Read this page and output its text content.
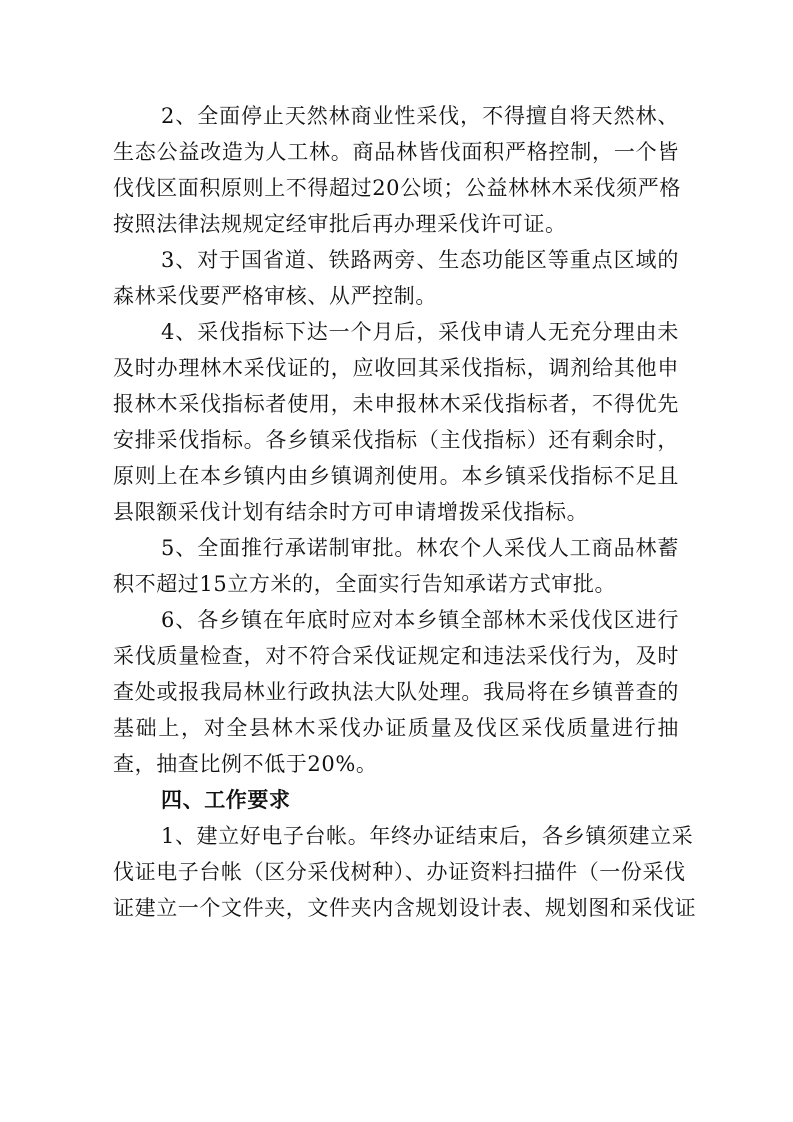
2、全面停止天然林商业性采伐，不得擅自将天然林、
生态公益改造为人工林。商品林皆伐面积严格控制，一个皆
伐伐区面积原则上不得超过20公顷；公益林林木采伐须严格
按照法律法规规定经审批后再办理采伐许可证。

3、对于国省道、铁路两旁、生态功能区等重点区域的
森林采伐要严格审核、从严控制。

4、采伐指标下达一个月后，采伐申请人无充分理由未
及时办理林木采伐证的，应收回其采伐指标，调剂给其他申
报林木采伐指标者使用，未申报林木采伐指标者，不得优先
安排采伐指标。各乡镇采伐指标（主伐指标）还有剩余时，
原则上在本乡镇内由乡镇调剂使用。本乡镇采伐指标不足且
县限额采伐计划有结余时方可申请增拨采伐指标。

5、全面推行承诺制审批。林农个人采伐人工商品林蓄
积不超过15立方米的，全面实行告知承诺方式审批。

6、各乡镇在年底时应对本乡镇全部林木采伐伐区进行
采伐质量检查，对不符合采伐证规定和违法采伐行为，及时
查处或报我局林业行政执法大队处理。我局将在乡镇普查的
基础上，对全县林木采伐办证质量及伐区采伐质量进行抽
查，抽查比例不低于20%。

四、工作要求

1、建立好电子台帐。年终办证结束后，各乡镇须建立采
伐证电子台帐（区分采伐树种）、办证资料扫描件（一份采伐
证建立一个文件夹，文件夹内含规划设计表、规划图和采伐证
